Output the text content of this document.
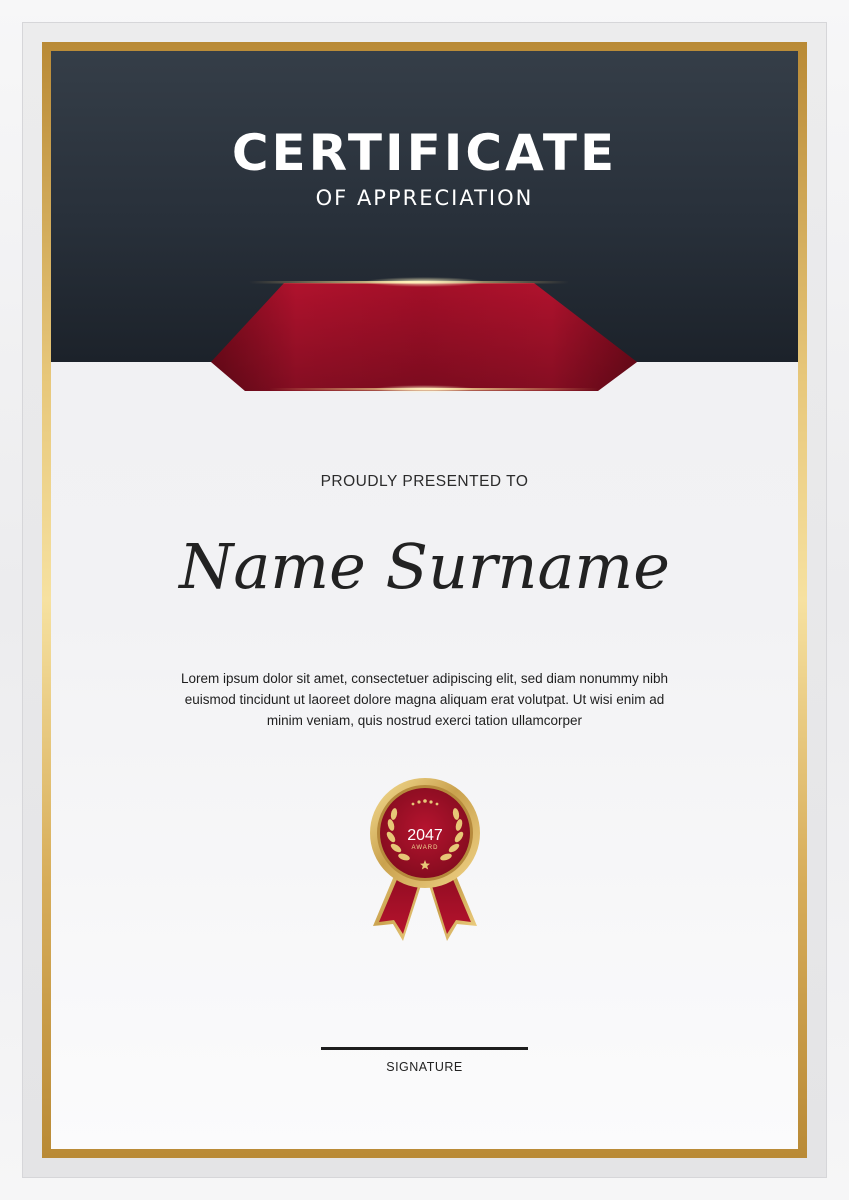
CERTIFICATE
OF APPRECIATION
PROUDLY PRESENTED TO
Name Surname
Lorem ipsum dolor sit amet, consectetuer adipiscing elit, sed diam nonummy nibh euismod tincidunt ut laoreet dolore magna aliquam erat volutpat. Ut wisi enim ad minim veniam, quis nostrud exerci tation ullamcorper
2047
AWARD
SIGNATURE
